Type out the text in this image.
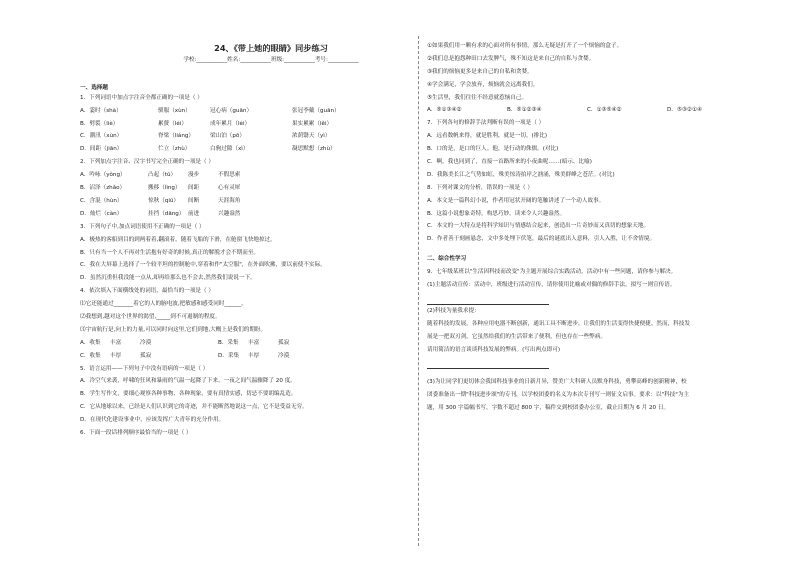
24、《带上她的眼睛》同步练习
学校:___________姓名:___________班级:___________考号:___________
一、选择题
1．下列词语中加点字注音全都正确的一项是（ ）
A．霎时（shà）	驯服（xùn）	冠心病（guān）	张冠李戴（guān）
B．劈裂（liè）	累赘（léi）	成年累月（léi）	果实累累（lěi）
C．潮汛（xùn）	脊梁（liáng）	梁山泊（pō）	浓荫翳天（yì）
D．间距（jiān）	伫立（zhù）	白驹过隙（xì）	凝思默想（zhù）
2．下列加点字注音、汉字书写完全正确的一项是（ ）
A．吟咏（yǒng）	凸起（tū）	漫步	不假思索
B．沼泽（zhǎo）	搬移（lìng）	间距	心有灵犀
C．含混（hùn）	惊秋（qiū）	间断	天涯海角
D．灿烂（càn）	挂挡（dāng） 前进	兴趣盎然
3．下列句子中,加点词语使用不正确的一项是（ ）
A．极热的客船到目的到两着着,翻滚着，随着飞船的下滑，在舱窗飞快地掠过。
B．只有当一个人不再对生活抱有好奇的时候,真正的解脱才会不期而至。
C．我在大屏幕上选择了一个较平坦的控制舱中,穿着和作"太空服"，在外面吹拂，要以前使不实际。
D．虽然沉重但我没能一点从,却再给那么也不会去,然然我们说说一下。
4．依次填入下面横线处的词语，最恰当的一项是（ ）
⑴它还能通过_______着它的人的脑电波,把敏感和感受同时______。
⑵我想到,越对这个世界的渴望,_____到不可遏制的程度。
⑶宇宙航行是,向上的力量,可以同时向这里,它们到地,大概上是我们的期盼。
A．收集	丰富	冷漠	B．采集	丰富	孤寂
C．收集	丰厚	孤寂	D．采集	丰厚	冷漠
5．语言运用——下列句子中没有语病的一项是（ ）
A．冷空气来袭，呼啸的狂风和暴雨的气温一起降了下来，一夜之间气温骤降了 20 度。
B．学生写作文，要细心观察各种事物、各种现象，要有真情实感，切忌不要胡编乱造。
C．它从地球以来，已经是人们认识到它的奇迹，并不能断然地说这一点，它不是受益无穷。
D．在现代化建设事业中，应该发挥广大青年的充分作用。
6．下面一段话排列顺序最恰当的一项是（ ）
①如果我们用一颗有求的心面对所有事情，那么无疑是打开了一个烦恼的盒子。
②我们总是抱怨种田口去发脾气，殊不知这是来自己的自私与贪婪。
③我们的烦恼更多是来自己的自私和贪婪。
④学会满足，学会放弃，烦恼就会远离我们。
⑤生活里，我们往往不经意就惹恼自己。
A．⑤①③④②	B．⑤①②③④	C．①③⑤④②	D．⑤③②①④
7．下列各句的修辞手法判断有误的一项是（ ）
A．远看数帆来得，就是胜利，就是一切。(排比)
B．口的是，是口的巨人。他，是行动的侏儒。(对比)
C．啊，我也同到了，直接一首路所来的小夜曲呢……(暗示、比喻)
D．我陈美长江之气势如虹，殊美惊涛拍岸之汹涌，殊美群峰之苍茫。(对比)
8．下列对课文的分析，错误的一项是（ ）
A．本文是一篇科幻小说，作者用冠状开阔的笔触讲述了一个动人故事。
B．这篇小说想象奇特，构思巧妙，读来令人兴趣盎然。
C．本文的一大特点是将科学知识与情感结合起来，创造出一片奇妙而又真切的想象天地。
D．作者善于刻画悬念，文中多处埋下伏笔，最后的谜底出人意料，引人入胜，让不舍情境。
二、综合性学习
9．七年级某班以"生活因科技而改变"为主题开展综合实践活动，活动中有一些问题，请你参与解决。
(1)主题活动宣传：活动中，班级进行活动宣传，请你使用比喻或对偶的修辞手法，拟写一则宣传语。
(2)科技为量我求提：
随着科技的发展，各种应用电器不断创新，通讯工具不断进步，让我们的生活变得快捷便捷。然而，科技发
展是一把双刃剑，它虽然给我们的生活带来了便利，但也存在一些弊病。
请用简洁的语言谈谈科技发展的弊病。(写出两点即可)
(3)为让同学们更切体会我国科技事业的日新月异，赞美广大科研人员默身科技，勇攀高峰的创新精神，校
团委准备出一期"科技进步颂"的专刊，以学校团委的名义为本次专刊写一则征文启事。要求：以"科技"为主
题，用 300 字篇幅书写，字数不超过 800 字，稿件交到校团委办公室，截止日期为 6 月 20 日。
